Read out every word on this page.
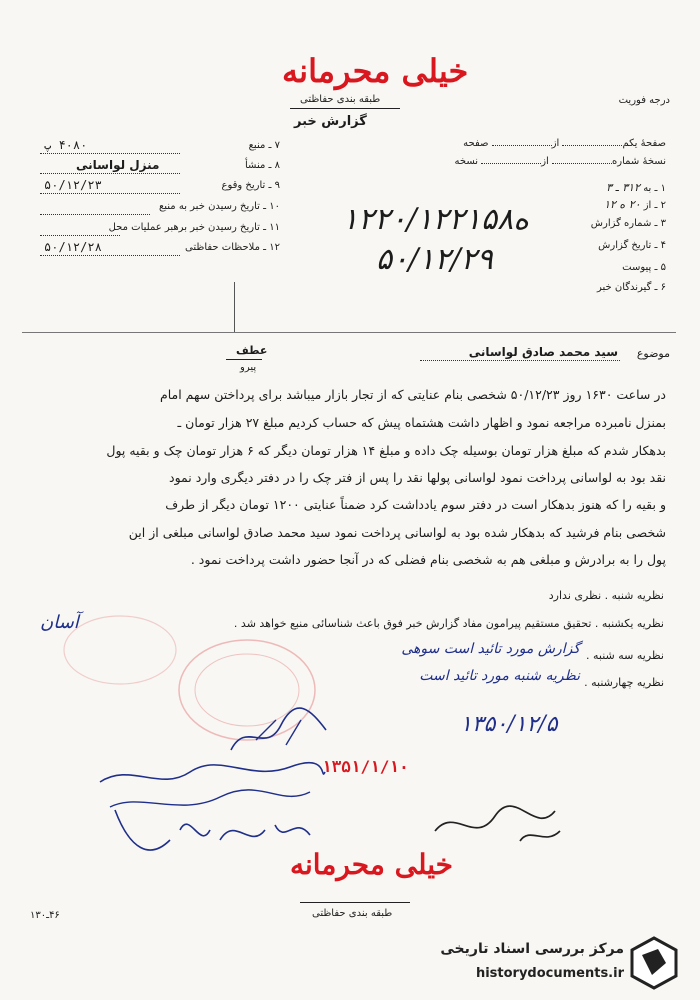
خیلی محرمانه
طبقه بندی حفاظتی
گزارش خبر
درجه فوریت
صفحهٔ یکم از صفحه
نسخهٔ شماره از نسخه
۱ ـ به ۳۱۲ ـ ۳
۲ ـ از ۲۰ ه ۱۲
۳ ـ شماره گزارش
۴ ـ تاریخ گزارش
۵ ـ پیوست
۶ ـ گیرندگان خبر
۱۲ه۲۰/۱۲۲۱۵۸
۵۰/۱۲/۲۹
۷ ـ منبع
۴۰۸۰ پ
۸ ـ منشأ
منزل لواسانی
۹ ـ تاریخ وقوع
۵۰/۱۲/۲۳
۱۰ ـ تاریخ رسیدن خبر به منبع
۱۱ ـ تاریخ رسیدن خبر برهبر عملیات محل
۱۲ ـ ملاحظات حفاظتی
۵۰/۱۲/۲۸
عطف
پیرو
موضوع
سید محمد صادق لواسانی
در ساعت ۱۶۳۰ روز ۵۰/۱۲/۲۳ شخصی بنام عنایتی که از تجار بازار میباشد برای پرداختن سهم امام
بمنزل نامبرده مراجعه نمود و اظهار داشت هشتماه پیش که حساب کردیم مبلغ ۲۷ هزار تومان ـ
بدهکار شدم که مبلغ هزار تومان بوسیله چک داده و مبلغ ۱۴ هزار تومان دیگر که ۶ هزار تومان چک و بقیه پول
نقد بود به لواسانی پرداخت نمود لواسانی پولها نقد را پس از فتر چک را در دفتر دیگری وارد نمود
و بقیه را که هنوز بدهکار است در دفتر سوم یادداشت کرد ضمناً عنایتی ۱۲۰۰ تومان دیگر از طرف
شخصی بنام فرشید که بدهکار شده بود به لواسانی پرداخت نمود سید محمد صادق لواسانی مبلغی از این
پول را به برادرش و مبلغی هم به شخصی بنام فضلی که در آنجا حضور داشت پرداخت نمود .
نظریه شنبه . نظری ندارد
نظریه یکشنبه . تحقیق مستقیم پیرامون مفاد گزارش خبر فوق باعث شناسائی منبع خواهد شد .
آسان
نظریه سه شنبه .
گزارش مورد تائید است سوهی
نظریه چهارشنبه .
نظریه شنبه مورد تائید است
۱۳۵۰/۱۲/۵
۱۳۵۱/۱/۱۰
خیلی محرمانه
طبقه بندی حفاظتی
۴۶ـ۱۳۰
مرکز بررسی اسناد تاریخی
historydocuments.ir
